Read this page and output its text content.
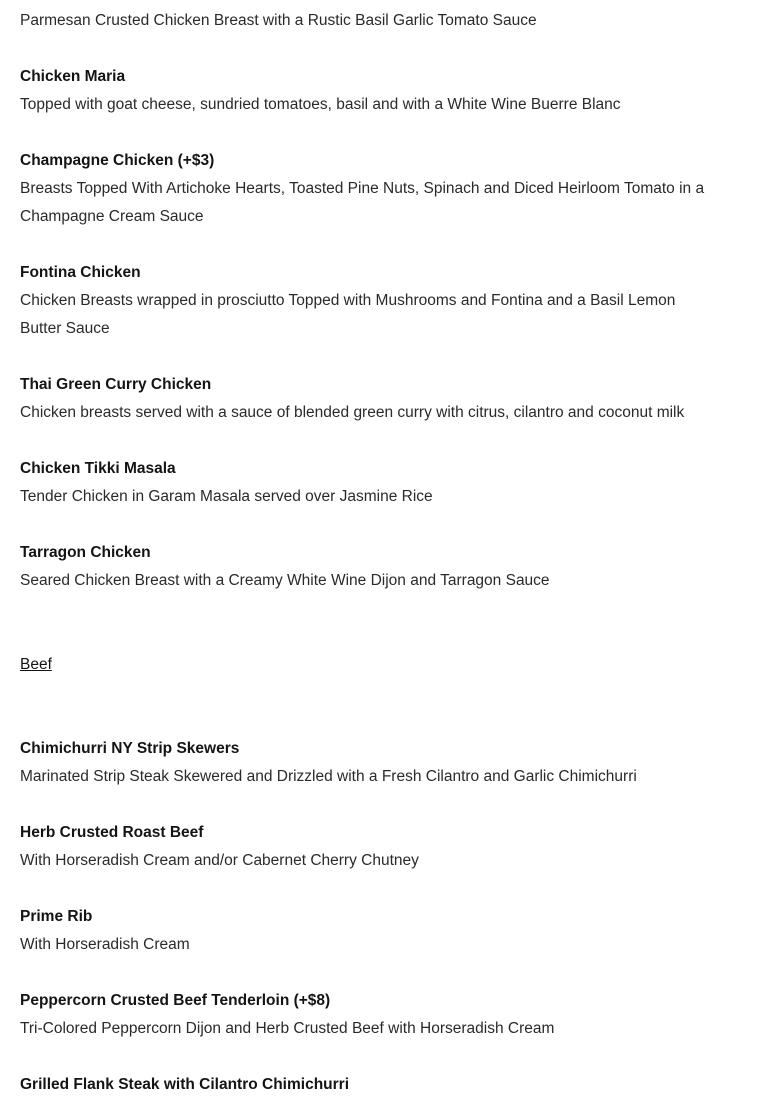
Parmesan Crusted Chicken Breast with a Rustic Basil Garlic Tomato Sauce
Chicken Maria
Topped with goat cheese, sundried tomatoes, basil and with a White Wine Buerre Blanc
Champagne Chicken (+$3)
Breasts Topped With Artichoke Hearts, Toasted Pine Nuts, Spinach and Diced Heirloom Tomato in a Champagne Cream Sauce
Fontina Chicken
Chicken Breasts wrapped in prosciutto Topped with Mushrooms and Fontina and a Basil Lemon Butter Sauce
Thai Green Curry Chicken
Chicken breasts served with a sauce of blended green curry with citrus, cilantro and coconut milk
Chicken Tikki Masala
Tender Chicken in Garam Masala served over Jasmine Rice
Tarragon Chicken
Seared Chicken Breast with a Creamy White Wine Dijon and Tarragon Sauce
Beef
Chimichurri NY Strip Skewers
Marinated Strip Steak Skewered and Drizzled with a Fresh Cilantro and Garlic Chimichurri
Herb Crusted Roast Beef
With Horseradish Cream and/or Cabernet Cherry Chutney
Prime Rib
With Horseradish Cream
Peppercorn Crusted Beef Tenderloin (+$8)
Tri-Colored Peppercorn Dijon and Herb Crusted Beef with Horseradish Cream
Grilled Flank Steak with Cilantro Chimichurri
